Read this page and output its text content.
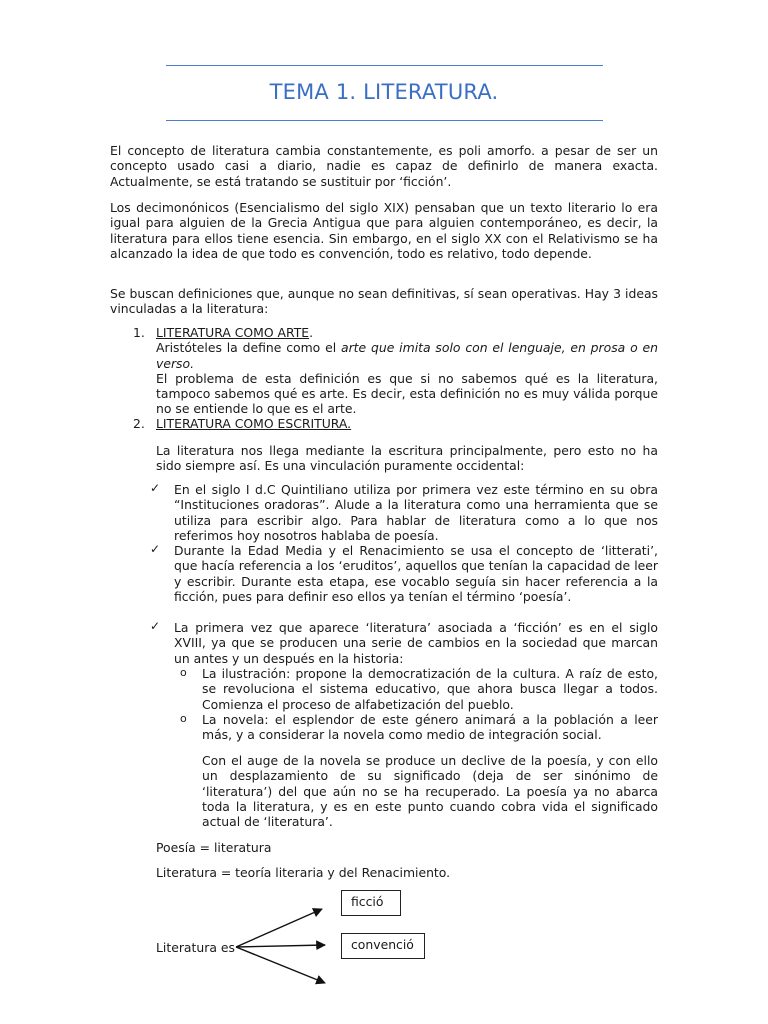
TEMA 1. LITERATURA.

El concepto de literatura cambia constantemente, es poli amorfo. a pesar de ser un concepto usado casi a diario, nadie es capaz de definirlo de manera exacta. Actualmente, se está tratando se sustituir por ‘ficción’.

Los decimonónicos (Esencialismo del siglo XIX) pensaban que un texto literario lo era igual para alguien de la Grecia Antigua que para alguien contemporáneo, es decir, la literatura para ellos tiene esencia. Sin embargo, en el siglo XX con el Relativismo se ha alcanzado la idea de que todo es convención, todo es relativo, todo depende.

Se buscan definiciones que, aunque no sean definitivas, sí sean operativas. Hay 3 ideas vinculadas a la literatura:

1. LITERATURA COMO ARTE.
Aristóteles la define como el arte que imita solo con el lenguaje, en prosa o en verso.
El problema de esta definición es que si no sabemos qué es la literatura, tampoco sabemos qué es arte. Es decir, esta definición no es muy válida porque no se entiende lo que es el arte.
2. LITERATURA COMO ESCRITURA.

La literatura nos llega mediante la escritura principalmente, pero esto no ha sido siempre así. Es una vinculación puramente occidental:

✓ En el siglo I d.C Quintiliano utiliza por primera vez este término en su obra “Instituciones oradoras”. Alude a la literatura como una herramienta que se utiliza para escribir algo. Para hablar de literatura como a lo que nos referimos hoy nosotros hablaba de poesía.

✓ Durante la Edad Media y el Renacimiento se usa el concepto de ‘litterati’, que hacía referencia a los ‘eruditos’, aquellos que tenían la capacidad de leer y escribir. Durante esta etapa, ese vocablo seguía sin hacer referencia a la ficción, pues para definir eso ellos ya tenían el término ‘poesía’.

✓ La primera vez que aparece ‘literatura’ asociada a ‘ficción’ es en el siglo XVIII, ya que se producen una serie de cambios en la sociedad que marcan un antes y un después en la historia:

o La ilustración: propone la democratización de la cultura. A raíz de esto, se revoluciona el sistema educativo, que ahora busca llegar a todos. Comienza el proceso de alfabetización del pueblo.

o La novela: el esplendor de este género animará a la población a leer más, y a considerar la novela como medio de integración social.

Con el auge de la novela se produce un declive de la poesía, y con ello un desplazamiento de su significado (deja de ser sinónimo de ‘literatura’) del que aún no se ha recuperado. La poesía ya no abarca toda la literatura, y es en este punto cuando cobra vida el significado actual de ‘literatura’.

Poesía = literatura
Literatura = teoría literaria y del Renacimiento.
Literatura es
ficció
convenció
